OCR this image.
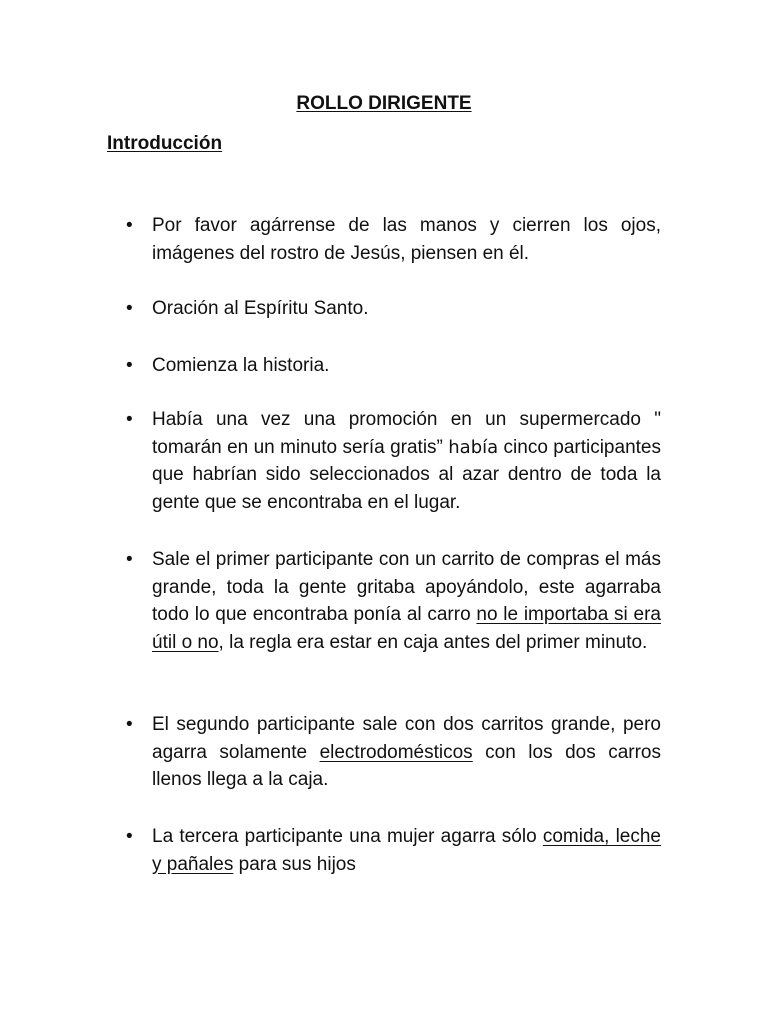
ROLLO DIRIGENTE
Introducción
• Por favor agárrense de las manos y cierren los ojos, imágenes del rostro de Jesús, piensen en él.
• Oración al Espíritu Santo.
• Comienza la historia.
• Había una vez una promoción en un supermercado " tomarán en un minuto sería gratis” había cinco participantes que habrían sido seleccionados al azar dentro de toda la gente que se encontraba en el lugar.
• Sale el primer participante con un carrito de compras el más grande, toda la gente gritaba apoyándolo, este agarraba todo lo que encontraba ponía al carro no le importaba si era útil o no, la regla era estar en caja antes del primer minuto.
• El segundo participante sale con dos carritos grande, pero agarra solamente electrodomésticos con los dos carros llenos llega a la caja.
• La tercera participante una mujer agarra sólo comida, leche y pañales para sus hijos
